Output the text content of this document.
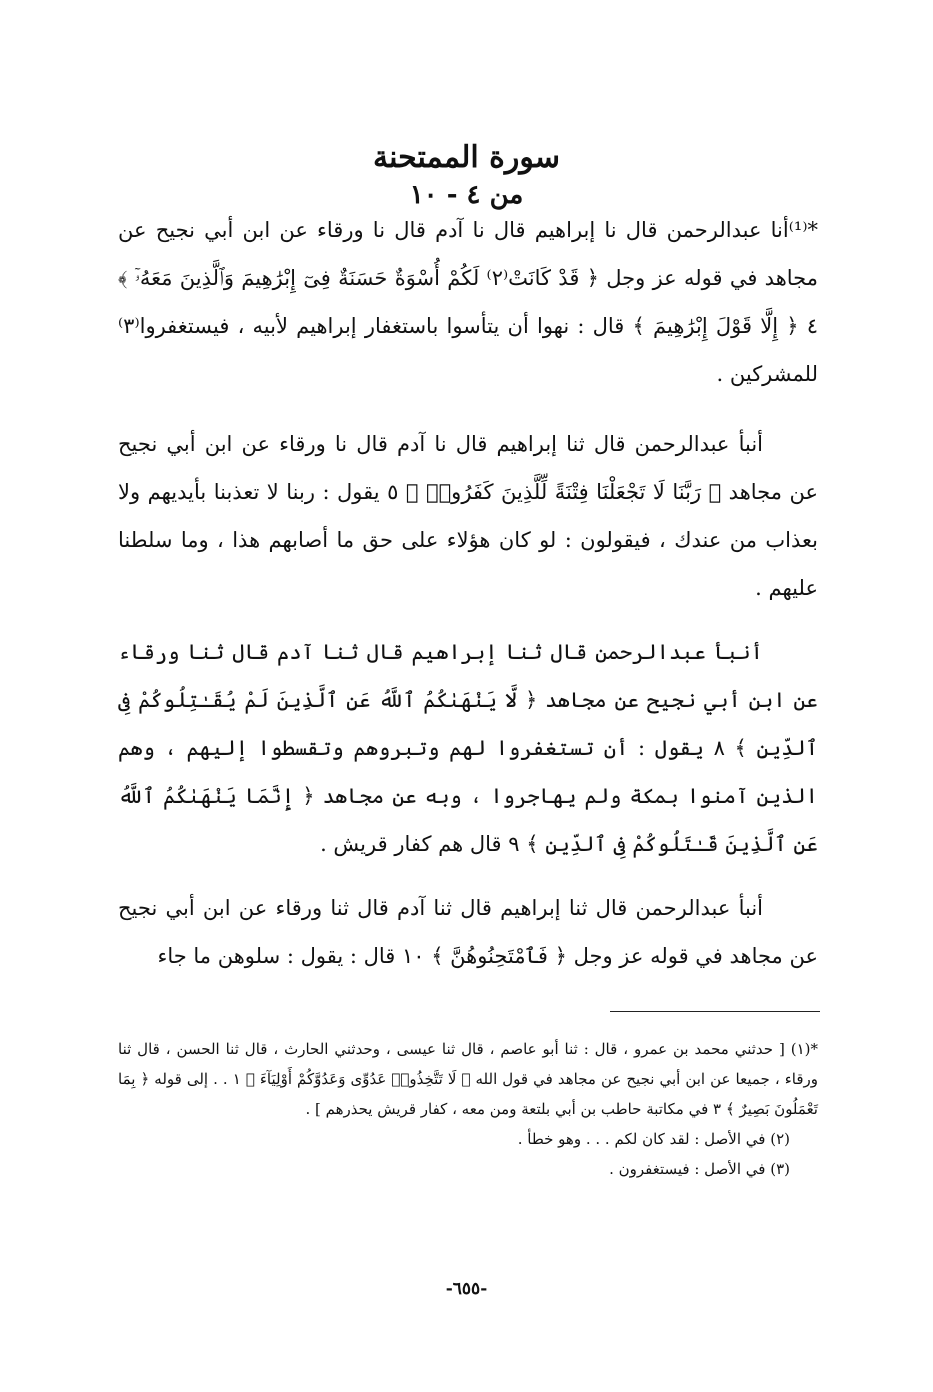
سورة الممتحنة
من ٤ - ١٠

*⁽¹⁾أنا عبدالرحمن قال نا إبراهيم قال نا آدم قال نا ورقاء عن ابن أبي نجيح عن مجاهد في قوله عز وجل ﴿ قَدْ كَانَتْ⁽٢⁾ لَكُمْ أُسْوَةٌ حَسَنَةٌ فِىٓ إِبْرَٰهِيمَ وَٱلَّذِينَ مَعَهُۥٓ ﴾ ٤ ﴿ إِلَّا قَوْلَ إِبْرَٰهِيمَ ﴾ قال : نهوا أن يتأسوا باستغفار إبراهيم لأبيه ، فيستغفروا⁽٣⁾ للمشركين .

أنبأ عبدالرحمن قال ثنا إبراهيم قال نا آدم قال نا ورقاء عن ابن أبي نجيح عن مجاهد ﴿ رَبَّنَا لَا تَجْعَلْنَا فِتْنَةً لِّلَّذِينَ كَفَرُوا۟ ﴾ ٥ يقول : ربنا لا تعذبنا بأيديهم ولا بعذاب من عندك ، فيقولون : لو كان هؤلاء على حق ما أصابهم هذا ، وما سلطنا عليهم .

أنبأ عبدالرحمن قال ثنا إبراهيم قال ثنا آدم قال ثنا ورقاء عن ابن أبي نجيح عن مجاهد ﴿ لَّا يَنْهَىٰكُمُ ٱللَّهُ عَنِ ٱلَّذِينَ لَمْ يُقَـٰتِلُوكُمْ فِى ٱلدِّينِ ﴾ ٨ يقول : أن تستغفروا لهم وتبروهم وتقسطوا إليهم ، وهم الذين آمنوا بمكة ولم يهاجروا ، وبه عن مجاهد ﴿ إِنَّمَا يَنْهَىٰكُمُ ٱللَّهُ عَنِ ٱلَّذِينَ قَـٰتَلُوكُمْ فِى ٱلدِّينِ ﴾ ٩ قال هم كفار قريش .

أنبأ عبدالرحمن قال ثنا إبراهيم قال ثنا آدم قال ثنا ورقاء عن ابن أبي نجيح عن مجاهد في قوله عز وجل ﴿ فَٱمْتَحِنُوهُنَّ ﴾ ١٠ قال : يقول : سلوهن ما جاء

*(١) [ حدثني محمد بن عمرو ، قال : ثنا أبو عاصم ، قال ثنا عيسى ، وحدثني الحارث ، قال ثنا الحسن ، قال ثنا ورقاء ، جميعا عن ابن أبي نجيح عن مجاهد في قول الله ﴿ لَا تَتَّخِذُوا۟ عَدُوِّى وَعَدُوَّكُمْ أَوْلِيَآءَ ﴾ ١ . . إلى قوله ﴿ بِمَا تَعْمَلُونَ بَصِيرٌ ﴾ ٣ في مكاتبة حاطب بن أبي بلتعة ومن معه ، كفار قريش يحذرهم ] .
(٢) في الأصل : لقد كان لكم . . . وهو خطأ .
(٣) في الأصل : فيستغفرون .
-٦٥٥-
